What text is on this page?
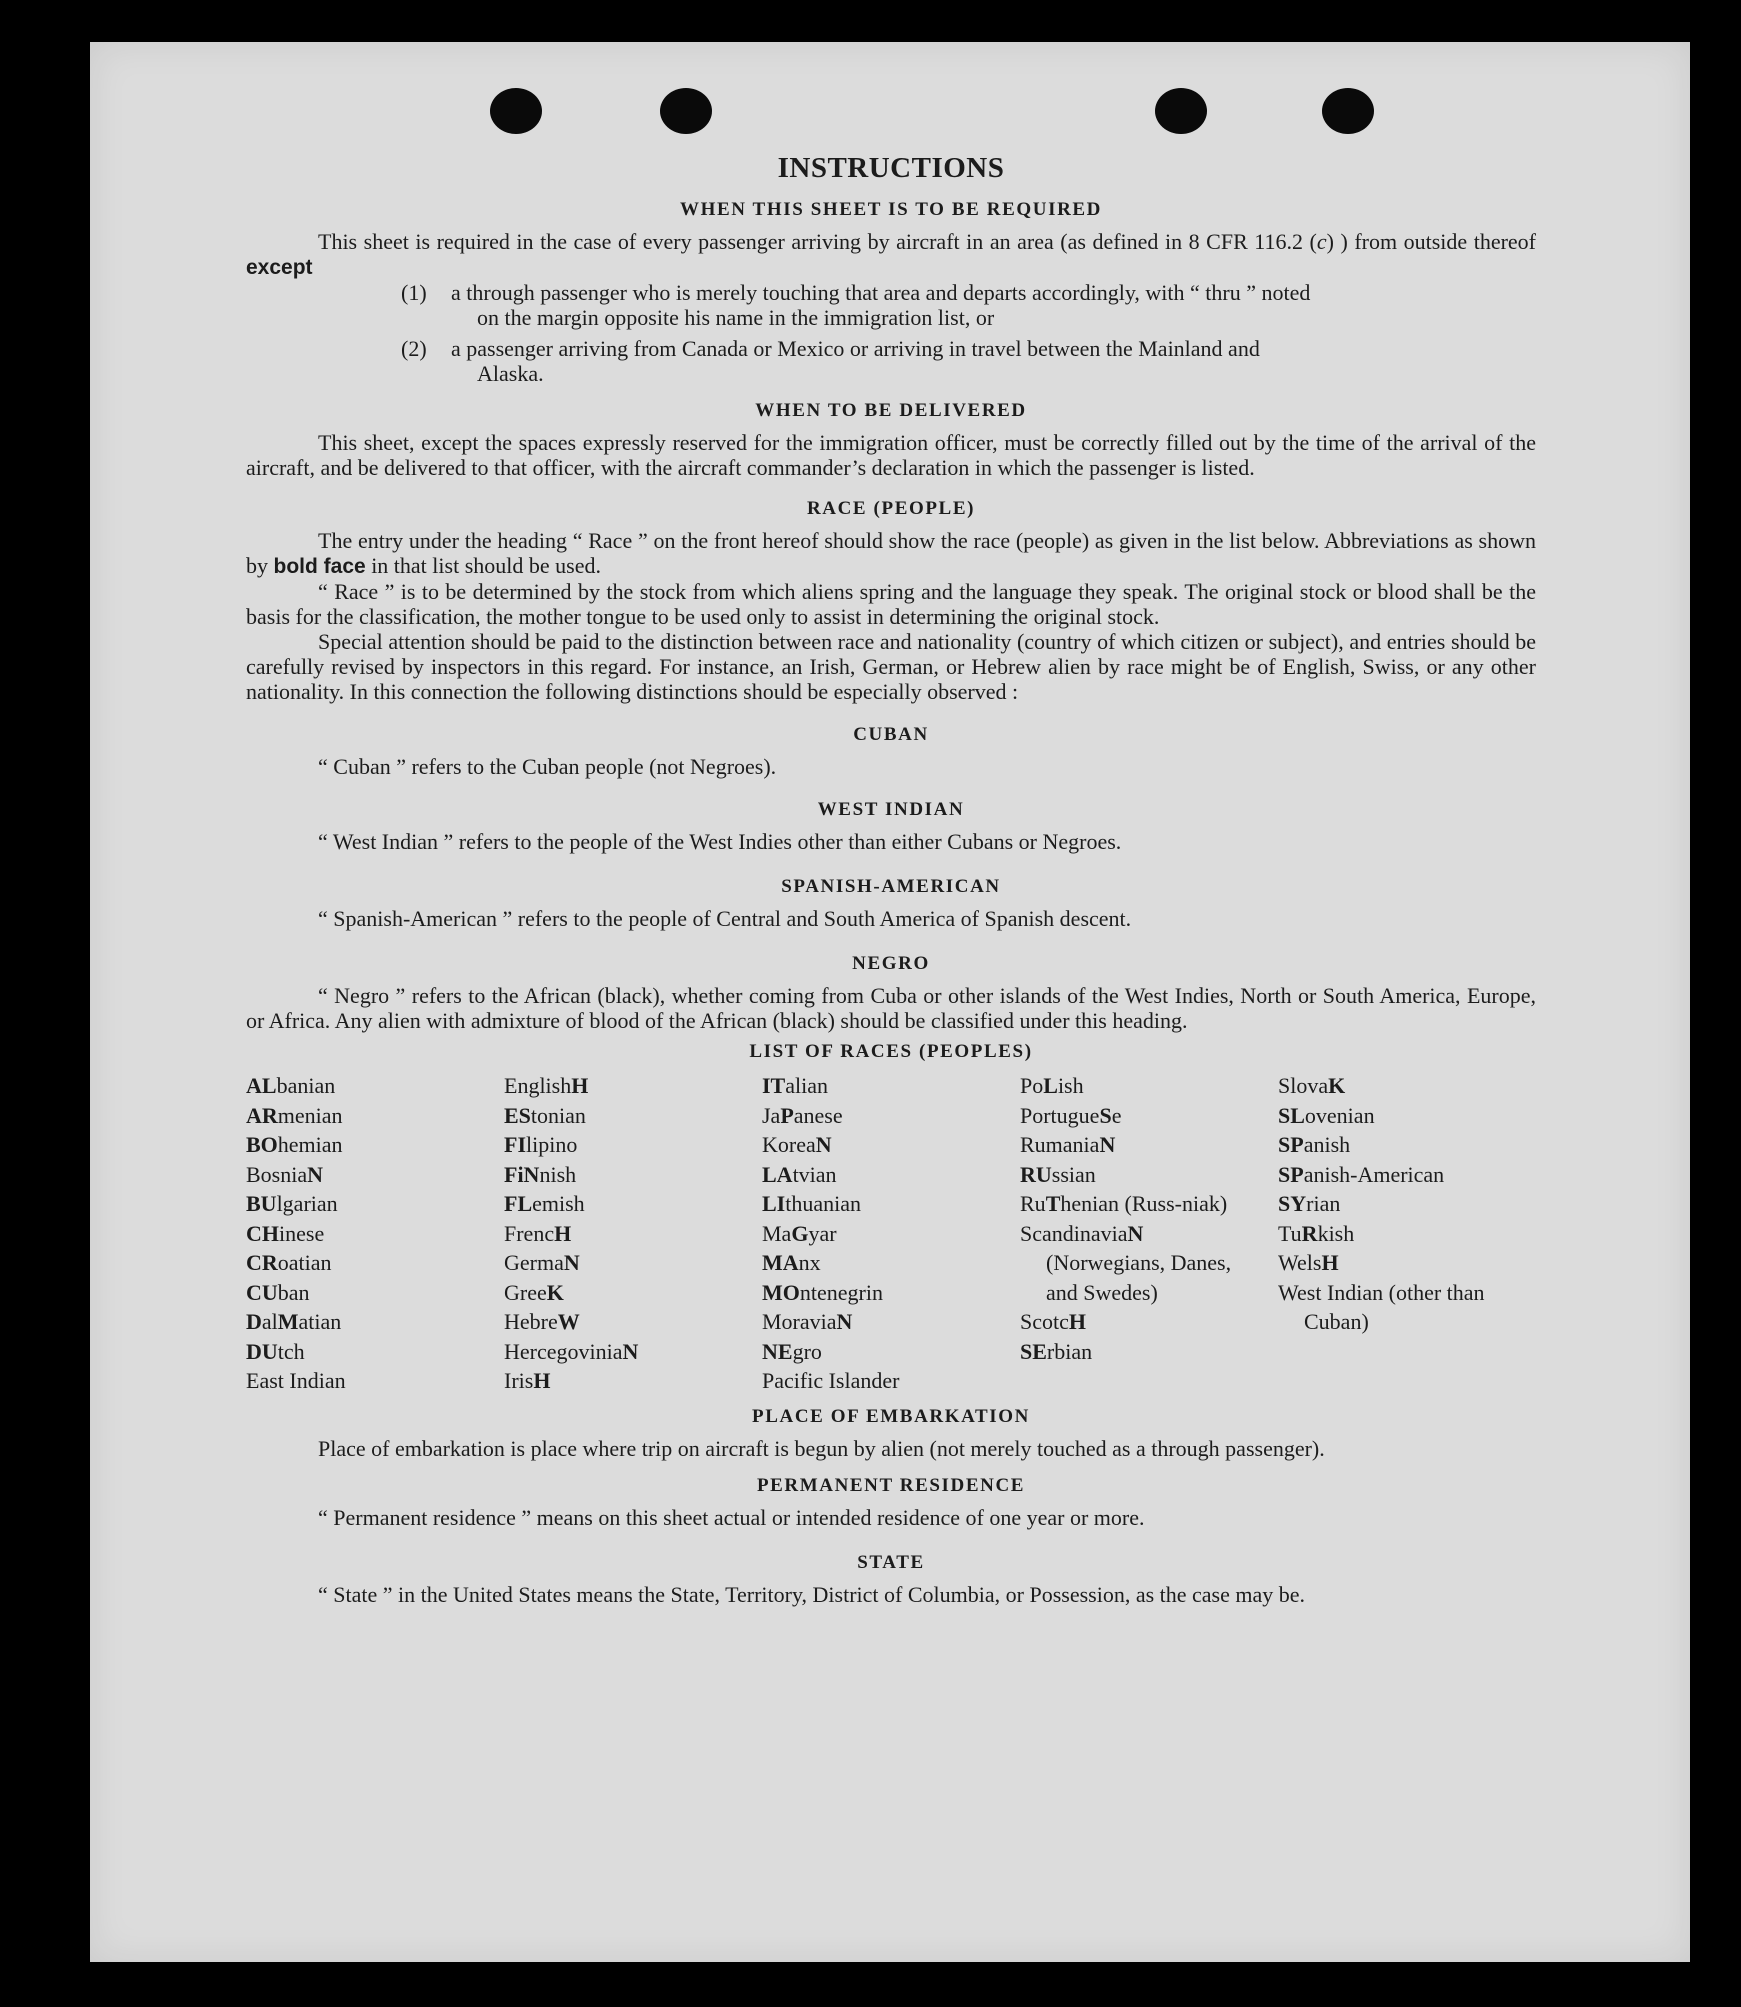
INSTRUCTIONS
WHEN THIS SHEET IS TO BE REQUIRED

This sheet is required in the case of every passenger arriving by aircraft in an area (as defined in 8 CFR 116.2 (c) ) from outside thereof except

(1)	a through passenger who is merely touching that area and departs accordingly, with “ thru ” noted
on the margin opposite his name in the immigration list, or
(2)	a passenger arriving from Canada or Mexico or arriving in travel between the Mainland and
Alaska.
WHEN TO BE DELIVERED

This sheet, except the spaces expressly reserved for the immigration officer, must be correctly filled out by the time of the arrival of the aircraft, and be delivered to that officer, with the aircraft commander’s declaration in which the passenger is listed.

RACE (PEOPLE)

The entry under the heading “ Race ” on the front hereof should show the race (people) as given in the list below. Abbreviations as shown by bold face in that list should be used.

“ Race ” is to be determined by the stock from which aliens spring and the language they speak. The original stock or blood shall be the basis for the classification, the mother tongue to be used only to assist in determining the original stock.

Special attention should be paid to the distinction between race and nationality (country of which citizen or subject), and entries should be carefully revised by inspectors in this regard. For instance, an Irish, German, or Hebrew alien by race might be of English, Swiss, or any other nationality. In this connection the following distinctions should be especially observed :

CUBAN

“ Cuban ” refers to the Cuban people (not Negroes).

WEST INDIAN

“ West Indian ” refers to the people of the West Indies other than either Cubans or Negroes.

SPANISH-AMERICAN

“ Spanish-American ” refers to the people of Central and South America of Spanish descent.

NEGRO

“ Negro ” refers to the African (black), whether coming from Cuba or other islands of the West Indies, North or South America, Europe, or Africa. Any alien with admixture of blood of the African (black) should be classified under this heading.

LIST OF RACES (PEOPLES)
ALbanian
ARmenian
BOhemian
BosniaN
BUlgarian
CHinese
CRoatian
CUban
DalMatian
DUtch
East Indian
EnglishH
EStonian
FIlipino
FiNnish
FLemish
FrencH
GermaN
GreeK
HebreW
HercegoviniaN
IrisH
ITalian
JaPanese
KoreaN
LAtvian
LIthuanian
MaGyar
MAnx
MOntenegrin
MoraviaN
NEgro
Pacific Islander
PoLish
PortugueSe
RumaniaN
RUssian
RuThenian (Russ-niak)
ScandinaviaN (Norwegians, Danes, and Swedes)
ScotcH
SErbian
SlovaK
SLovenian
SPanish
SPanish-American
SYrian
TuRkish
WelsH
West Indian (other than Cuban)
PLACE OF EMBARKATION

Place of embarkation is place where trip on aircraft is begun by alien (not merely touched as a through passenger).

PERMANENT RESIDENCE

“ Permanent residence ” means on this sheet actual or intended residence of one year or more.

STATE

“ State ” in the United States means the State, Territory, District of Columbia, or Possession, as the case may be.
